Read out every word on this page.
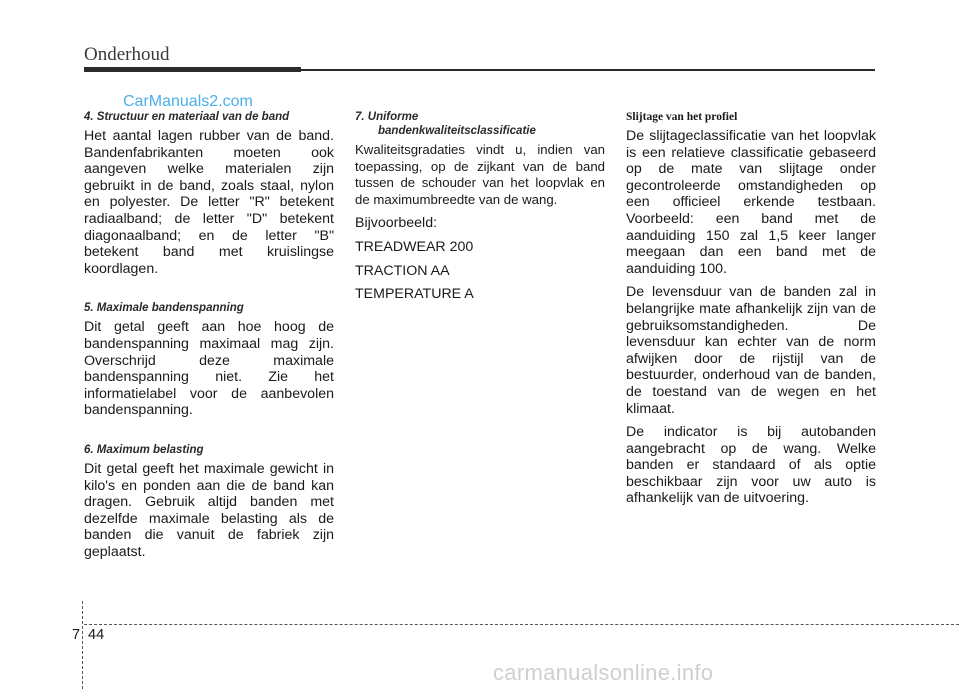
Onderhoud
CarManuals2.com

4. Structuur en materiaal van de band

Het aantal lagen rubber van de band. Bandenfabrikanten moeten ook aangeven welke materialen zijn gebruikt in de band, zoals staal, nylon en polyester. De letter "R" betekent radiaalband; de letter "D" betekent diagonaalband; en de letter "B" betekent band met kruislingse koordlagen.

5. Maximale bandenspanning

Dit getal geeft aan hoe hoog de bandenspanning maximaal mag zijn. Overschrijd deze maximale bandenspanning niet. Zie het informatielabel voor de aanbevolen bandenspanning.

6. Maximum belasting

Dit getal geeft het maximale gewicht in kilo's en ponden aan die de band kan dragen. Gebruik altijd banden met dezelfde maximale belasting als de banden die vanuit de fabriek zijn geplaatst.

7. Uniforme
bandenkwaliteitsclassificatie

Kwaliteitsgradaties vindt u, indien van toepassing, op de zijkant van de band tussen de schouder van het loopvlak en de maximumbreedte van de wang.

Bijvoorbeeld:

TREADWEAR 200

TRACTION AA

TEMPERATURE A

Slijtage van het profiel

De slijtageclassificatie van het loopvlak is een relatieve classificatie gebaseerd op de mate van slijtage onder gecontroleerde omstandigheden op een officieel erkende testbaan. Voorbeeld: een band met de aanduiding 150 zal 1,5 keer langer meegaan dan een band met de aanduiding 100.

De levensduur van de banden zal in belangrijke mate afhankelijk zijn van de gebruiksomstandigheden. De levensduur kan echter van de norm afwijken door de rijstijl van de bestuurder, onderhoud van de banden, de toestand van de wegen en het klimaat.

De indicator is bij autobanden aangebracht op de wang. Welke banden er standaard of als optie beschikbaar zijn voor uw auto is afhankelijk van de uitvoering.

7 44
carmanualsonline.info
